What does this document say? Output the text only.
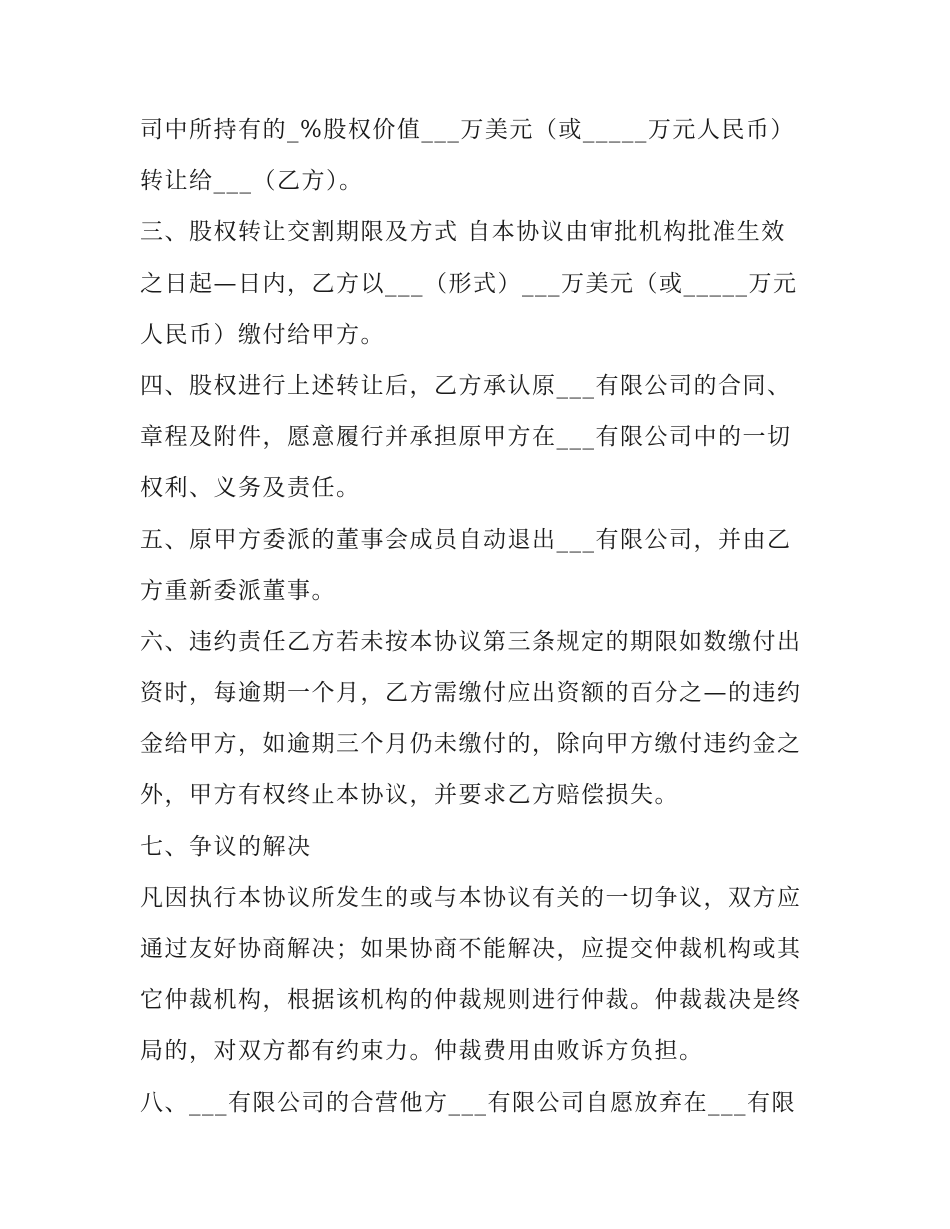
司中所持有的_%股权价值___万美元（或_____万元人民币）
转让给___（乙方）。
三、股权转让交割期限及方式 自本协议由审批机构批准生效
之日起—日内，乙方以___（形式）___万美元（或_____万元
人民币）缴付给甲方。
四、股权进行上述转让后，乙方承认原___有限公司的合同、
章程及附件，愿意履行并承担原甲方在___有限公司中的一切
权利、义务及责任。
五、原甲方委派的董事会成员自动退出___有限公司，并由乙
方重新委派董事。
六、违约责任乙方若未按本协议第三条规定的期限如数缴付出
资时，每逾期一个月，乙方需缴付应出资额的百分之—的违约
金给甲方，如逾期三个月仍未缴付的，除向甲方缴付违约金之
外，甲方有权终止本协议，并要求乙方赔偿损失。
七、争议的解决
凡因执行本协议所发生的或与本协议有关的一切争议，双方应
通过友好协商解决；如果协商不能解决，应提交仲裁机构或其
它仲裁机构，根据该机构的仲裁规则进行仲裁。仲裁裁决是终
局的，对双方都有约束力。仲裁费用由败诉方负担。
八、___有限公司的合营他方___有限公司自愿放弃在___有限
